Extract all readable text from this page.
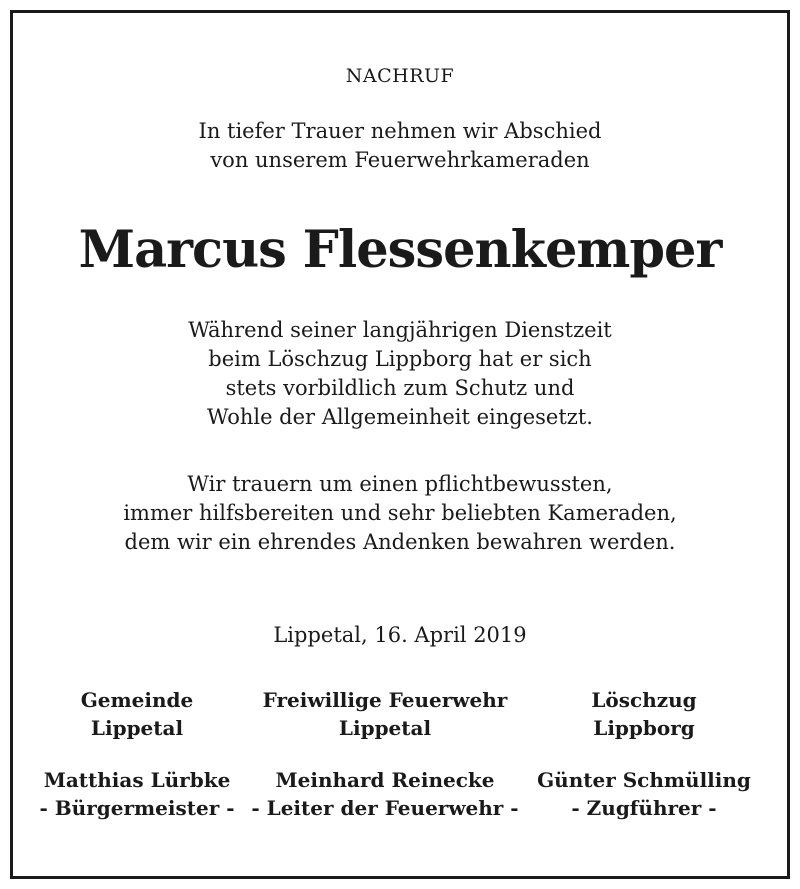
NACHRUF
In tiefer Trauer nehmen wir Abschied
von unserem Feuerwehrkameraden
Marcus Flessenkemper
Während seiner langjährigen Dienstzeit
beim Löschzug Lippborg hat er sich
stets vorbildlich zum Schutz und
Wohle der Allgemeinheit eingesetzt.
Wir trauern um einen pflichtbewussten,
immer hilfsbereiten und sehr beliebten Kameraden,
dem wir ein ehrendes Andenken bewahren werden.
Lippetal, 16. April 2019
Gemeinde
Lippetal
Freiwillige Feuerwehr
Lippetal
Löschzug
Lippborg
Matthias Lürbke
- Bürgermeister -
Meinhard Reinecke
- Leiter der Feuerwehr -
Günter Schmülling
- Zugführer -
